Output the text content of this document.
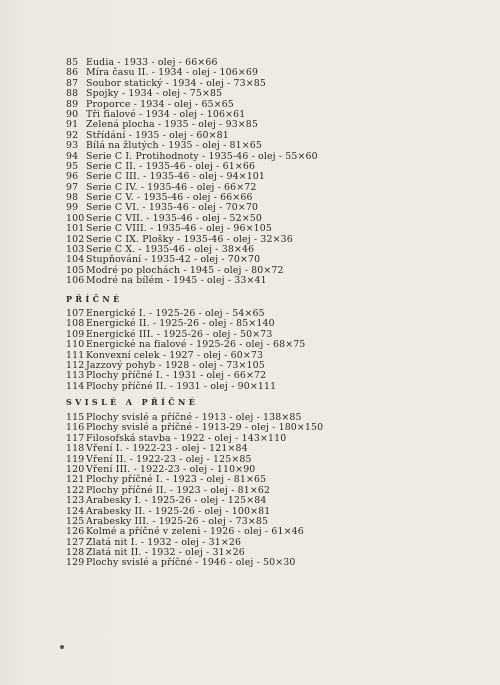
85 Eudia - 1933 - olej - 66×66
86 Míra času II. - 1934 - olej - 106×69
87 Soubor statický - 1934 - olej - 73×85
88 Spojky - 1934 - olej - 75×85
89 Proporce - 1934 - olej - 65×65
90 Tři fialové - 1934 - olej - 106×61
91 Zelená plocha - 1935 - olej - 93×85
92 Střídání - 1935 - olej - 60×81
93 Bílá na žlutých - 1935 - olej - 81×65
94 Serie C I. Protihodnoty - 1935-46 - olej - 55×60
95 Serie C II. - 1935-46 - olej - 61×66
96 Serie C III. - 1935-46 - olej - 94×101
97 Serie C IV. - 1935-46 - olej - 66×72
98 Serie C V. - 1935-46 - olej - 66×66
99 Serie C VI. - 1935-46 - olej - 70×70
100 Serie C VII. - 1935-46 - olej - 52×50
101 Serie C VIII. - 1935-46 - olej - 96×105
102 Serie C IX. Plošky - 1935-46 - olej - 32×36
103 Serie C X. - 1935-46 - olej - 38×46
104 Stupňování - 1935-42 - olej - 70×70
105 Modré po plochách - 1945 - olej - 80×72
106 Modré na bílém - 1945 - olej - 33×41
PŘÍČNÉ
107 Energické I. - 1925-26 - olej - 54×65
108 Energické II. - 1925-26 - olej - 85×140
109 Energické III. - 1925-26 - olej - 50×73
110 Energické na fialové - 1925-26 - olej - 68×75
111 Konvexní celek - 1927 - olej - 60×73
112 Jazzový pohyb - 1928 - olej - 73×105
113 Plochy příčné I. - 1931 - olej - 66×72
114 Plochy příčné II. - 1931 - olej - 90×111
SVISLÉ A PŘÍČNÉ
115 Plochy svislé a příčné - 1913 - olej - 138×85
116 Plochy svislé a příčné - 1913-29 - olej - 180×150
117 Filosofská stavba - 1922 - olej - 143×110
118 Vření I. - 1922-23 - olej - 121×84
119 Vření II. - 1922-23 - olej - 125×85
120 Vření III. - 1922-23 - olej - 110×90
121 Plochy příčné I. - 1923 - olej - 81×65
122 Plochy příčné II. - 1923 - olej - 81×62
123 Arabesky I. - 1925-26 - olej - 125×84
124 Arabesky II. - 1925-26 - olej - 100×81
125 Arabesky III. - 1925-26 - olej - 73×85
126 Kolmé a příčné v zeleni - 1926 - olej - 61×46
127 Zlatá nit I. - 1932 - olej - 31×26
128 Zlatá nit II. - 1932 - olej - 31×26
129 Plochy svislé a příčné - 1946 - olej - 50×30
